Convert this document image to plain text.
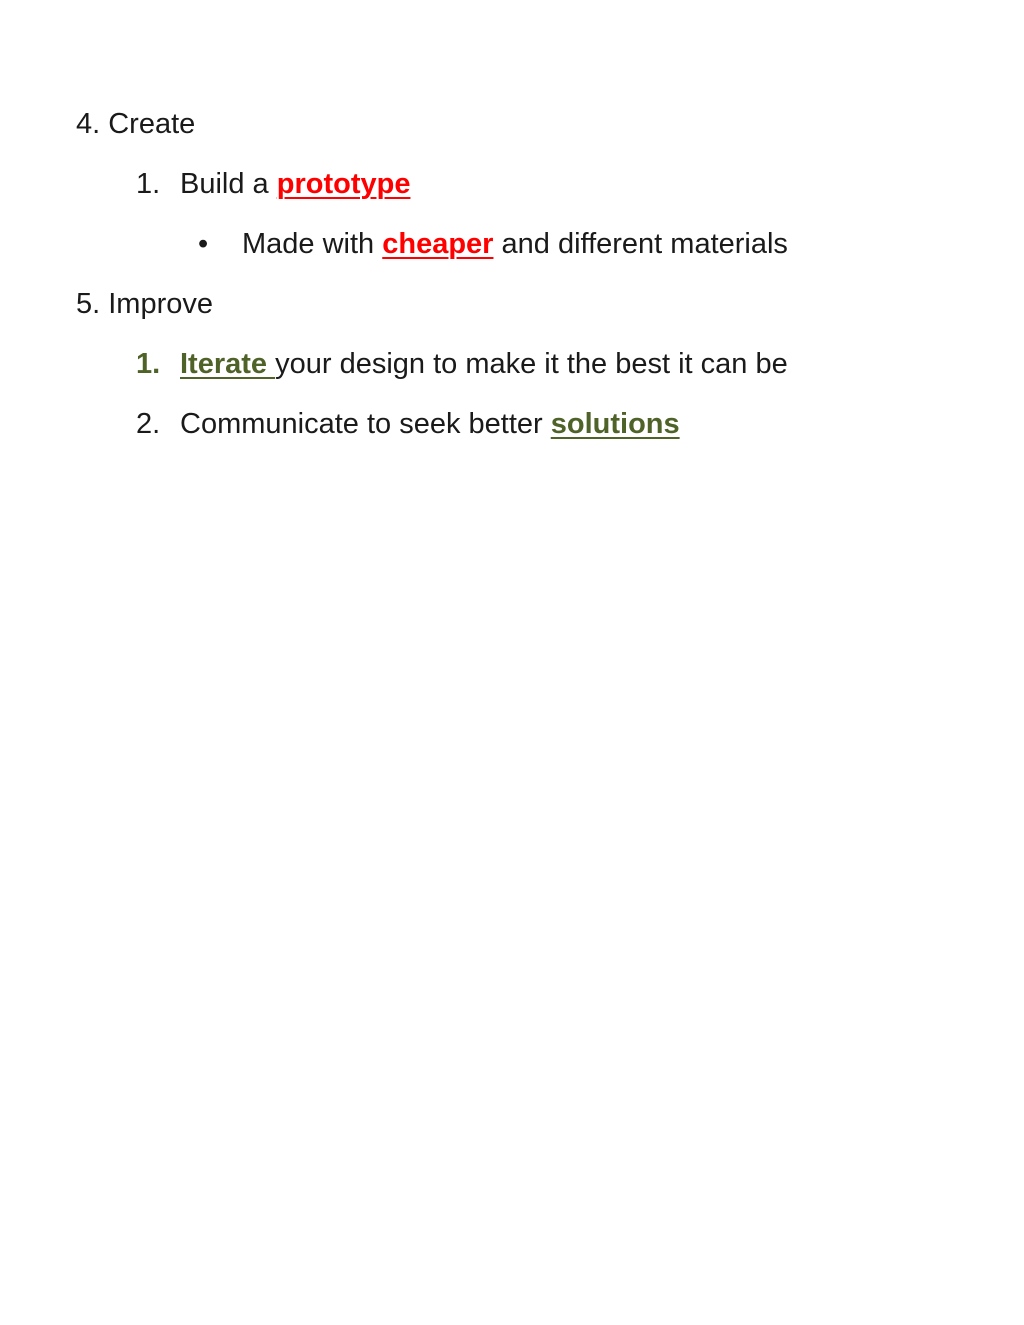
4. Create
1. Build a prototype
• Made with cheaper and different materials
5. Improve
1. Iterate your design to make it the best it can be
2. Communicate to seek better solutions
